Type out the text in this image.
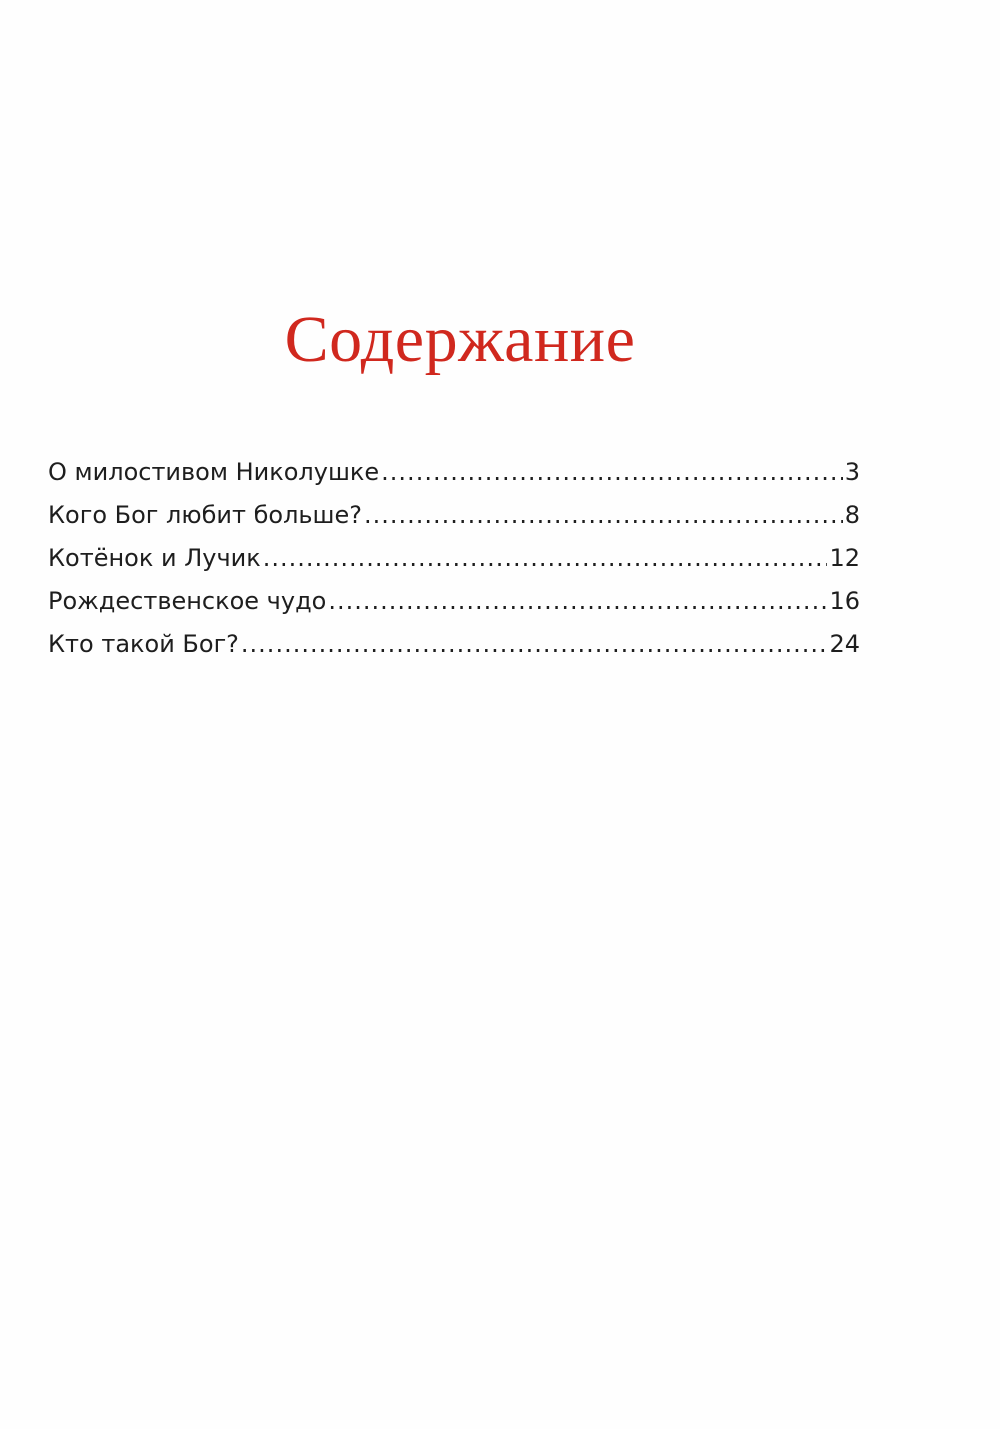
Содержание
О милостивом Николушке .....	3
Кого Бог любит больше? .....	8
Котёнок и Лучик .....	12
Рождественское чудо .....	16
Кто такой Бог? .....	24
